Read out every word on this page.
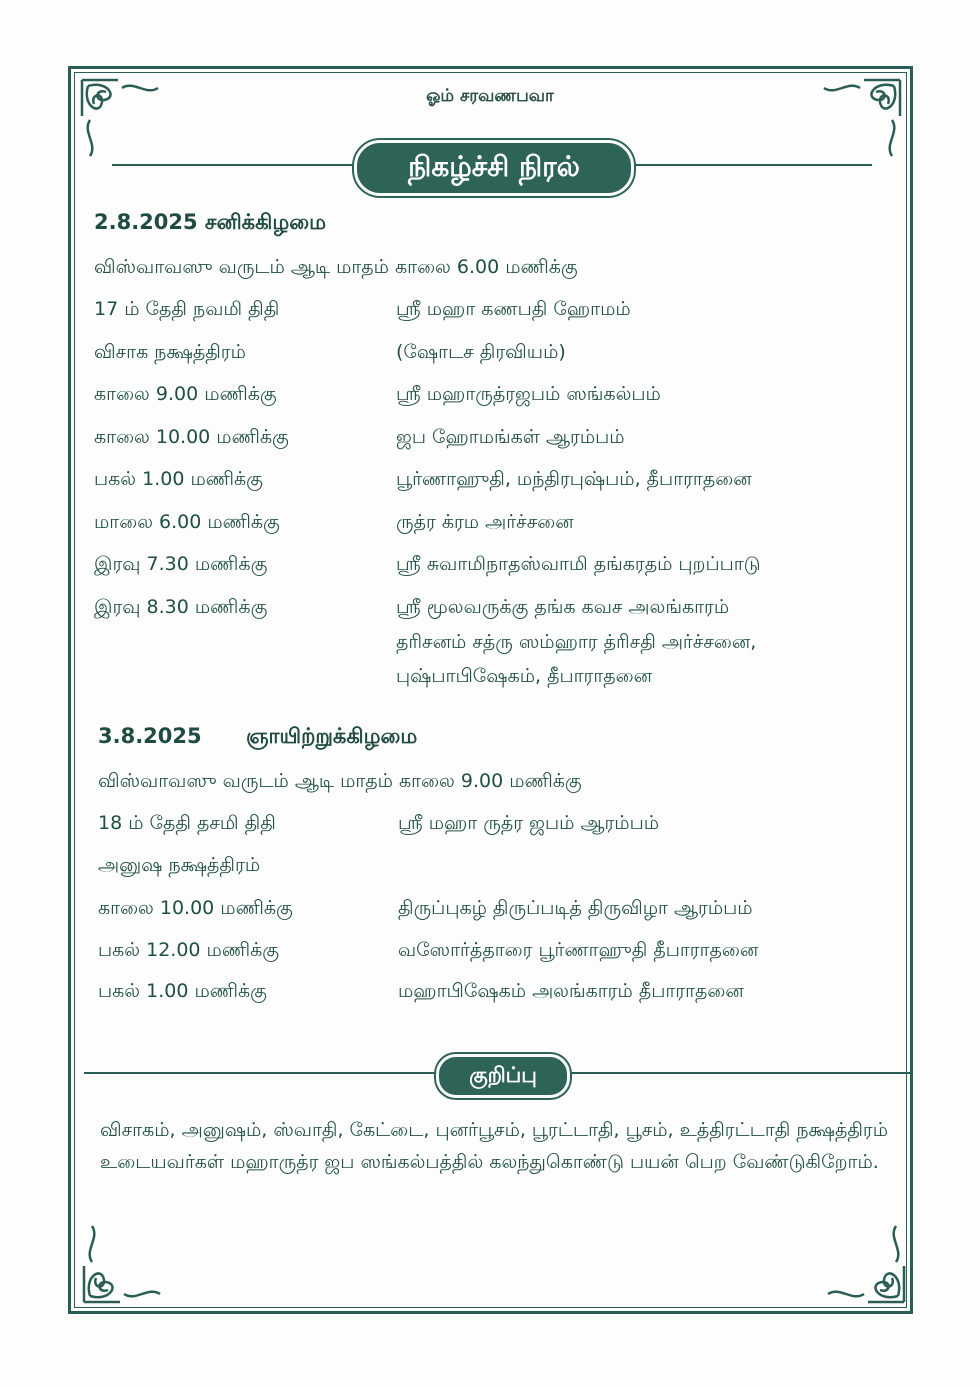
ஓம் சரவணபவா
நிகழ்ச்சி நிரல்
2.8.2025 சனிக்கிழமை
விஸ்வாவஸு வருடம் ஆடி மாதம் காலை 6.00 மணிக்கு
17 ம் தேதி நவமி திதி	ஸ்ரீ மஹா கணபதி ஹோமம்
விசாக நக்ஷத்திரம்	(ஷோடச திரவியம்)
காலை 9.00 மணிக்கு	ஸ்ரீ மஹாருத்ரஜபம் ஸங்கல்பம்
காலை 10.00 மணிக்கு	ஜப ஹோமங்கள் ஆரம்பம்
பகல் 1.00 மணிக்கு	பூர்ணாஹுதி, மந்திரபுஷ்பம், தீபாராதனை
மாலை 6.00 மணிக்கு	ருத்ர க்ரம அர்ச்சனை
இரவு 7.30 மணிக்கு	ஸ்ரீ சுவாமிநாதஸ்வாமி தங்கரதம் புறப்பாடு
இரவு 8.30 மணிக்கு	ஸ்ரீ மூலவருக்கு தங்க கவச அலங்காரம்
தரிசனம் சத்ரு ஸம்ஹார த்ரிசதி அர்ச்சனை,
புஷ்பாபிஷேகம், தீபாராதனை
3.8.2025 ஞாயிற்றுக்கிழமை
விஸ்வாவஸு வருடம் ஆடி மாதம் காலை 9.00 மணிக்கு
18 ம் தேதி தசமி திதி	ஸ்ரீ மஹா ருத்ர ஜபம் ஆரம்பம்
அனுஷ நக்ஷத்திரம்
காலை 10.00 மணிக்கு	திருப்புகழ் திருப்படித் திருவிழா ஆரம்பம்
பகல் 12.00 மணிக்கு	வஸோர்த்தாரை பூர்ணாஹுதி தீபாராதனை
பகல் 1.00 மணிக்கு	மஹாபிஷேகம் அலங்காரம் தீபாராதனை
குறிப்பு
விசாகம், அனுஷம், ஸ்வாதி, கேட்டை, புனர்பூசம், பூரட்டாதி, பூசம், உத்திரட்டாதி நக்ஷத்திரம் உடையவர்கள் மஹாருத்ர ஜப ஸங்கல்பத்தில் கலந்துகொண்டு பயன் பெற வேண்டுகிறோம்.
